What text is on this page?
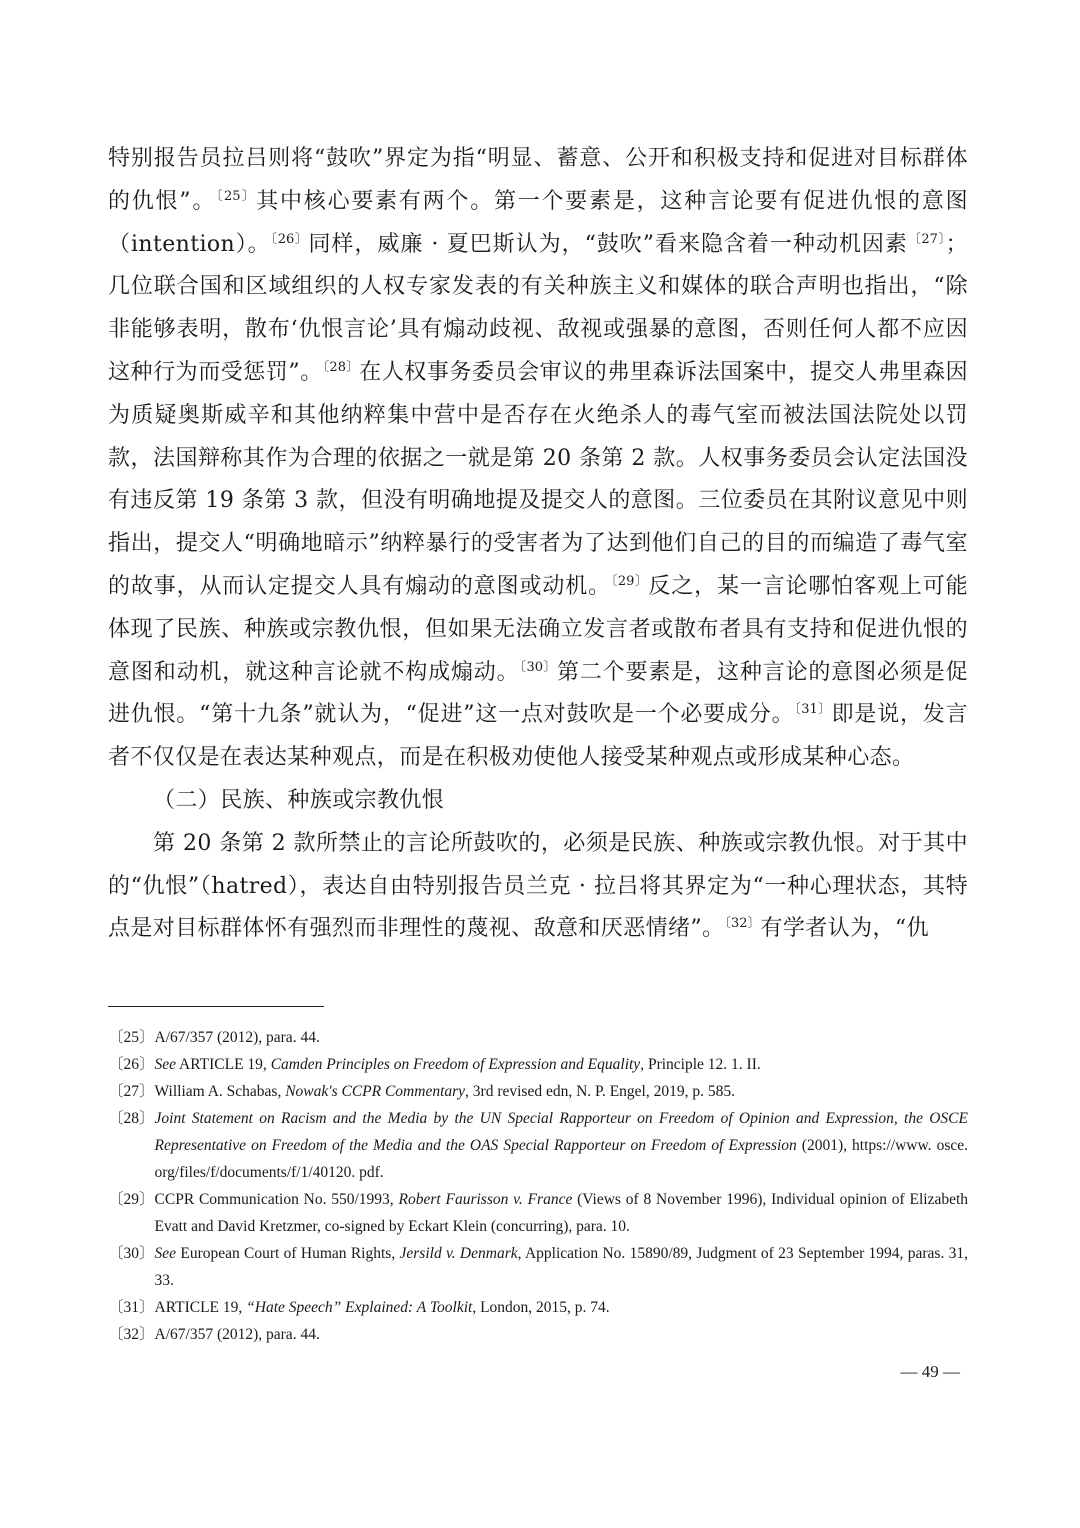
特别报告员拉吕则将“鼓吹”界定为指“明显、蓄意、公开和积极支持和促进对目标群体的仇恨”。$^{〔25〕}$其中核心要素有两个。第一个要素是，这种言论要有促进仇恨的意图（intention）。$^{〔26〕}$同样，威廉 · 夏巴斯认为，“鼓吹”看来隐含着一种动机因素$^{〔27〕}$；几位联合国和区域组织的人权专家发表的有关种族主义和媒体的联合声明也指出，“除非能够表明，散布‘仇恨言论’具有煽动歧视、敌视或强暴的意图，否则任何人都不应因这种行为而受惩罚”。$^{〔28〕}$在人权事务委员会审议的弗里森诉法国案中，提交人弗里森因为质疑奥斯威辛和其他纳粹集中营中是否存在火绝杀人的毒气室而被法国法院处以罚款，法国辩称其作为合理的依据之一就是第 20 条第 2 款。人权事务委员会认定法国没有违反第 19 条第 3 款，但没有明确地提及提交人的意图。三位委员在其附议意见中则指出，提交人“明确地暗示”纳粹暴行的受害者为了达到他们自己的目的而编造了毒气室的故事，从而认定提交人具有煽动的意图或动机。$^{〔29〕}$反之，某一言论哪怕客观上可能体现了民族、种族或宗教仇恨，但如果无法确立发言者或散布者具有支持和促进仇恨的意图和动机，就这种言论就不构成煽动。$^{〔30〕}$第二个要素是，这种言论的意图必须是促进仇恨。“第十九条”就认为，“促进”这一点对鼓吹是一个必要成分。$^{〔31〕}$即是说，发言者不仅仅是在表达某种观点，而是在积极劝使他人接受某种观点或形成某种心态。

（二）民族、种族或宗教仇恨

第 20 条第 2 款所禁止的言论所鼓吹的，必须是民族、种族或宗教仇恨。对于其中的“仇恨”（hatred），表达自由特别报告员兰克 · 拉吕将其界定为“一种心理状态，其特点是对目标群体怀有强烈而非理性的蔑视、敌意和厌恶情绪”。$^{〔32〕}$有学者认为，“仇

〔25〕 A/67/357 (2012), para. 44.
〔26〕 See ARTICLE 19, Camden Principles on Freedom of Expression and Equality, Principle 12. 1. II.
〔27〕 William A. Schabas, Nowak's CCPR Commentary, 3rd revised edn, N. P. Engel, 2019, p. 585.
〔28〕 Joint Statement on Racism and the Media by the UN Special Rapporteur on Freedom of Opinion and Expression, the OSCE Representative on Freedom of the Media and the OAS Special Rapporteur on Freedom of Expression (2001), https://www. osce. org/files/f/documents/f/1/40120. pdf.
〔29〕 CCPR Communication No. 550/1993, Robert Faurisson v. France (Views of 8 November 1996), Individual opinion of Elizabeth Evatt and David Kretzmer, co-signed by Eckart Klein (concurring), para. 10.
〔30〕 See European Court of Human Rights, Jersild v. Denmark, Application No. 15890/89, Judgment of 23 September 1994, paras. 31, 33.
〔31〕 ARTICLE 19, “Hate Speech” Explained: A Toolkit, London, 2015, p. 74.
〔32〕 A/67/357 (2012), para. 44.
— 49 —
